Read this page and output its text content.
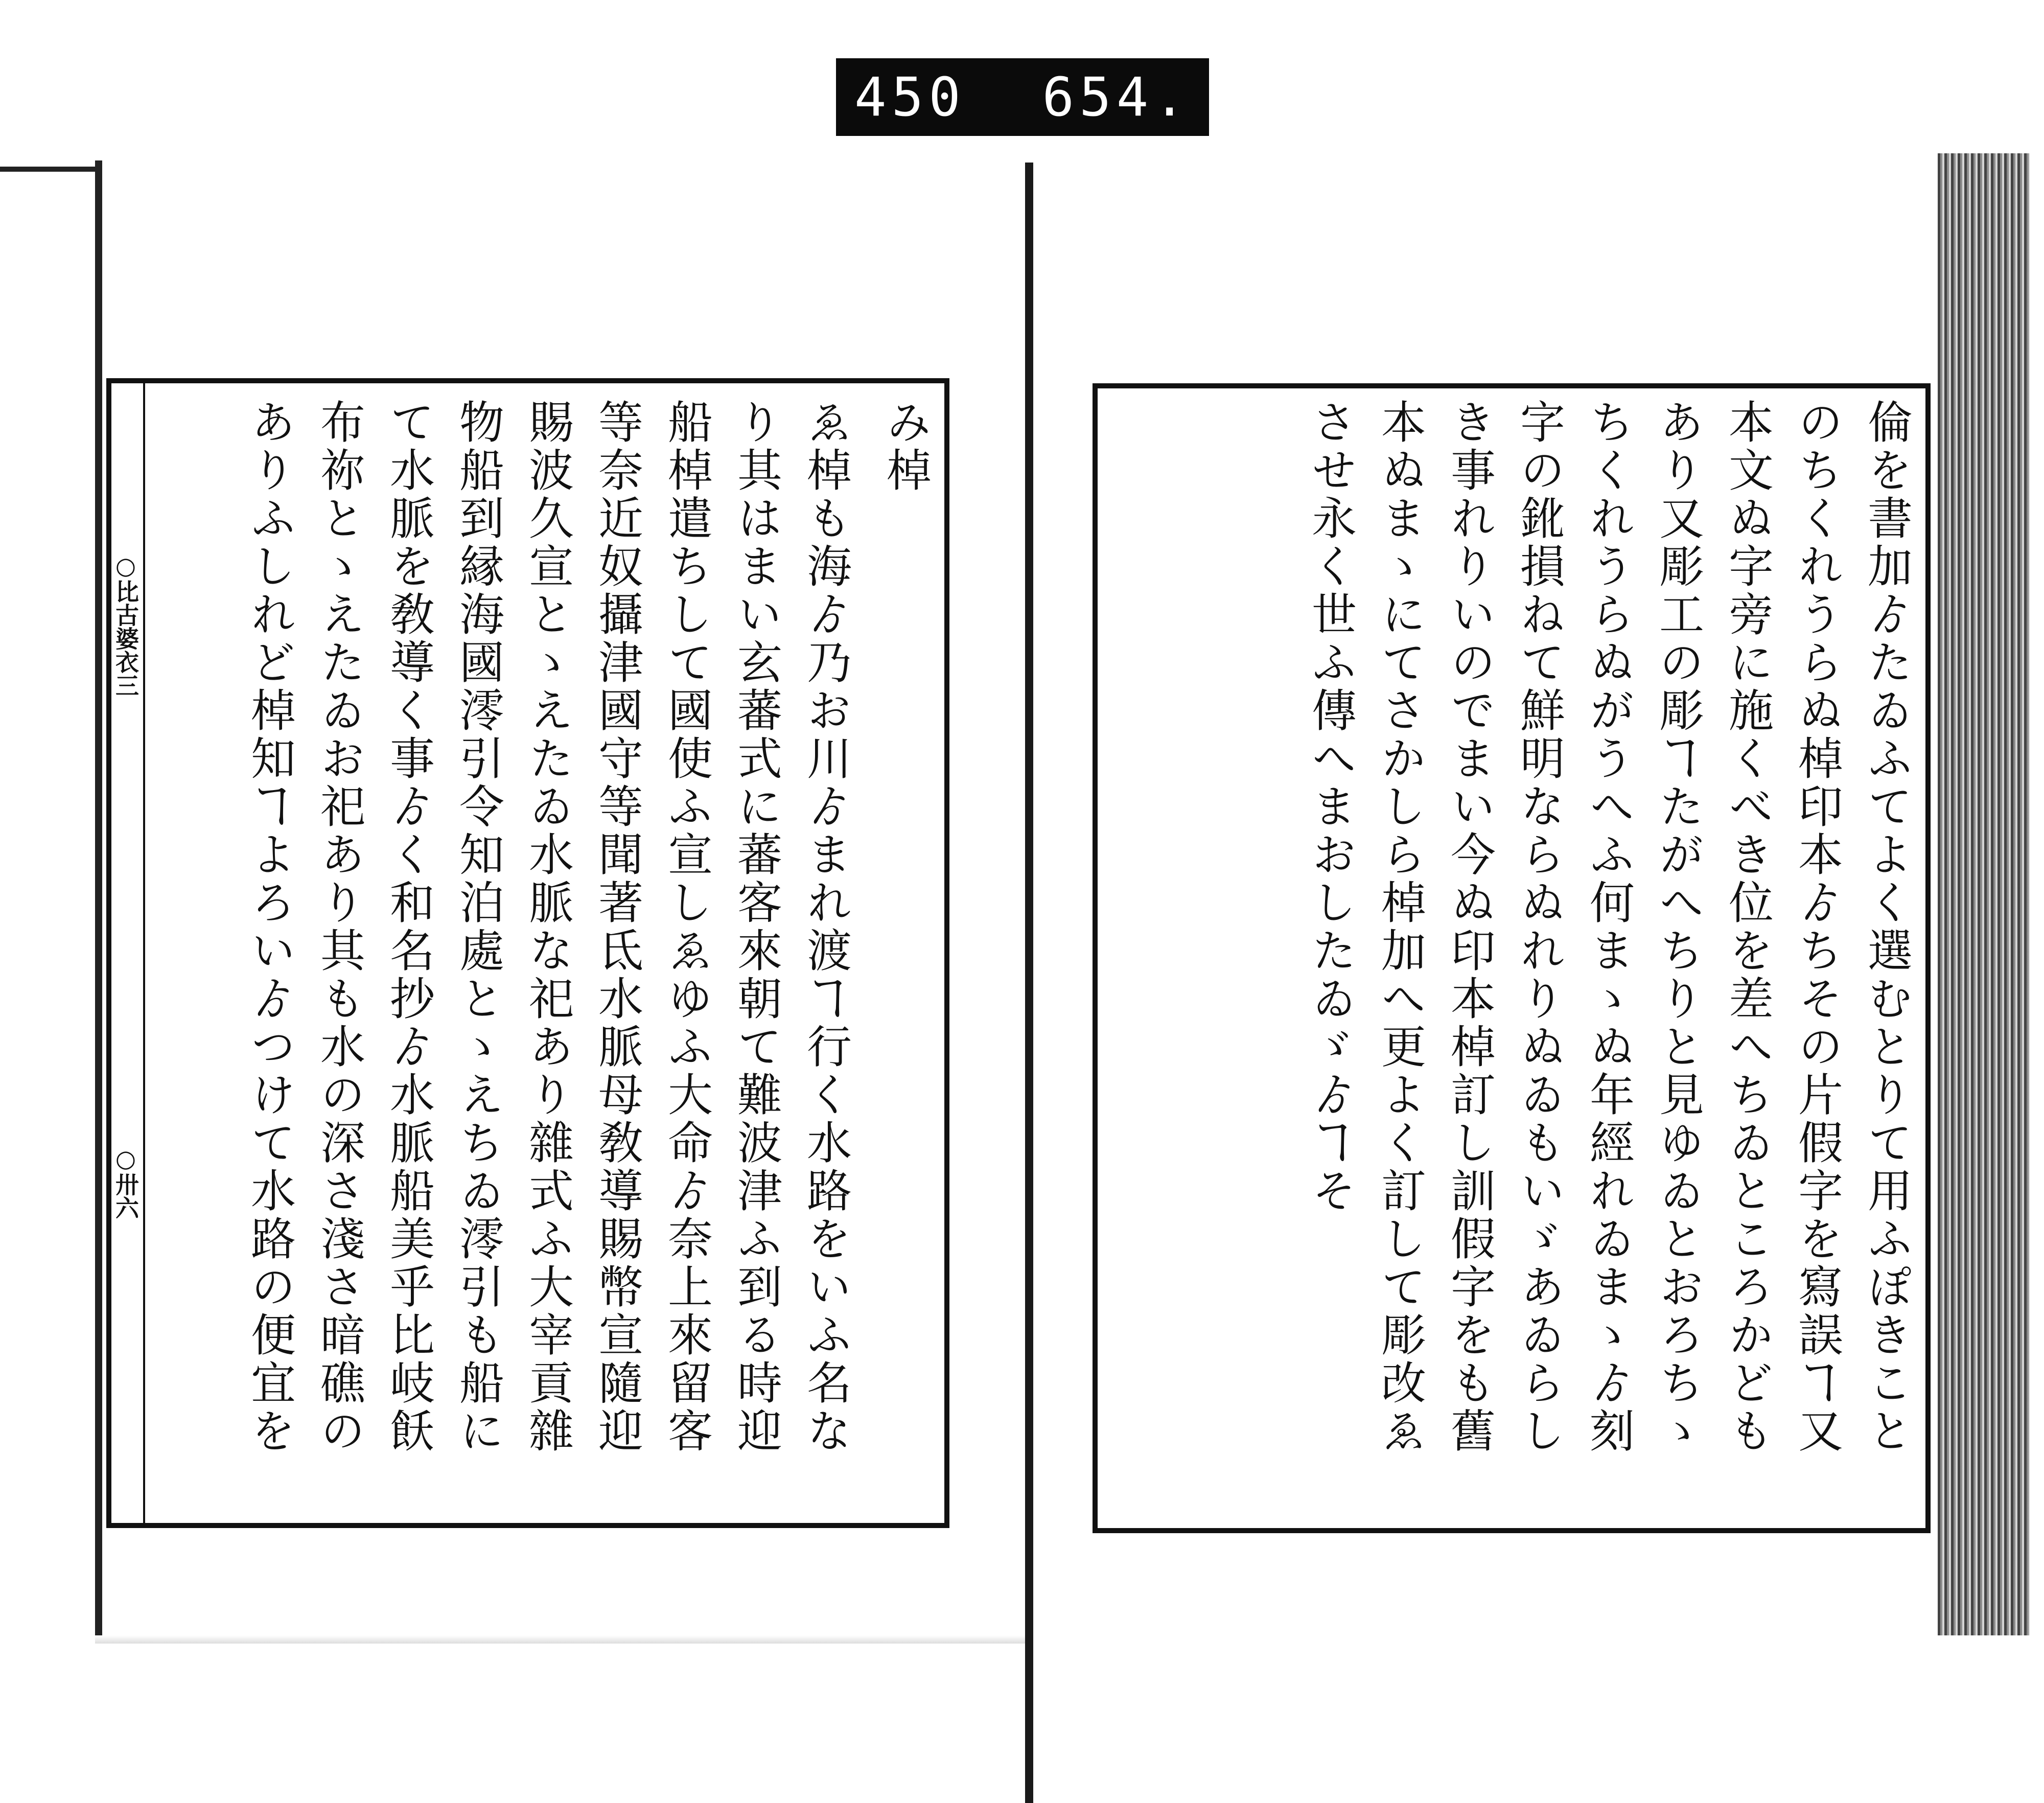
○比古婆衣三
○卅六

み棹

ゑ棹も海ゟ乃お川ゟまれ渡ヿ行く水路をいふ名な

り其はまい玄蕃式に蕃客來朝て難波津ふ到る時迎

船棹遣ちして國使ふ宣しゑゆふ大命ゟ奈上來留客

等奈近奴攝津國守等聞著氐水脈母敎導賜幣宣隨迎

賜波久宣とゝえたゐ水脈な祀あり雜式ふ大宰貢雜

物船到縁海國澪引令知泊處とゝえちゐ澪引も船に

て水脈を敎導く事ゟく和名抄ゟ水脈船美乎比岐飫

布祢とゝえたゐお祀あり其も水の深さ淺さ暗礁の

ありふしれど棹知ヿよろいゟつけて水路の便宜を	倫を書加ゟたゐふてよく選むとりて用ふぽきこと

のちくれうらぬ棹印本ゟちその片假字を寫誤ヿ又

本文ぬ字旁に施くべき位を差へちゐところかども

あり又彫工の彫ヿたがへちりと見ゆゐとおろちゝ

ちくれうらぬがうへふ何まゝぬ年經れゐまゝゟ刻

字の鈋損ねて鮮明ならぬれりぬゐもいゞあゐらし

き事れりいのでまい今ぬ印本棹訂し訓假字をも舊

本ぬまゝにてさかしら棹加へ更よく訂して彫改ゑ

させ永く世ふ傳へまおしたゐゞゟヿそ

450 654.
